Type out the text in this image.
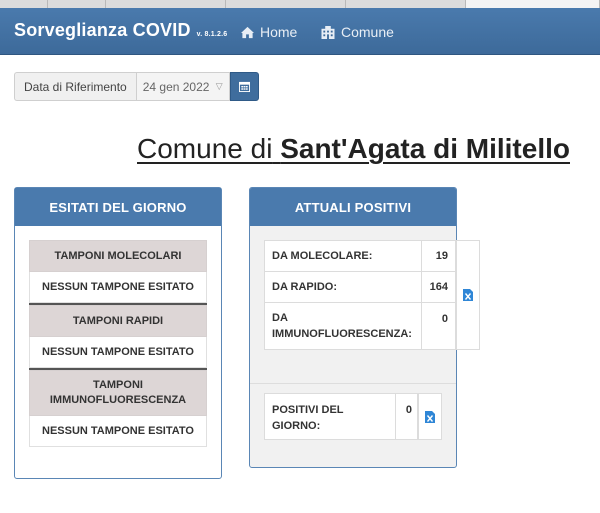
Sorveglianza COVID v. 8.1.2.6 Home	Comune
Data di Riferimento	24 gen 2022 ▽
Comune di Sant'Agata di Militello
ESITATI DEL GIORNO
TAMPONI MOLECOLARI
NESSUN TAMPONE ESITATO
TAMPONI RAPIDI
NESSUN TAMPONE ESITATO
TAMPONI IMMUNOFLUORESCENZA
NESSUN TAMPONE ESITATO
ATTUALI POSITIVI
DA MOLECOLARE:	19
DA RAPIDO:	164
DA IMMUNOFLUORESCENZA:	0
POSITIVI DEL GIORNO:
0
